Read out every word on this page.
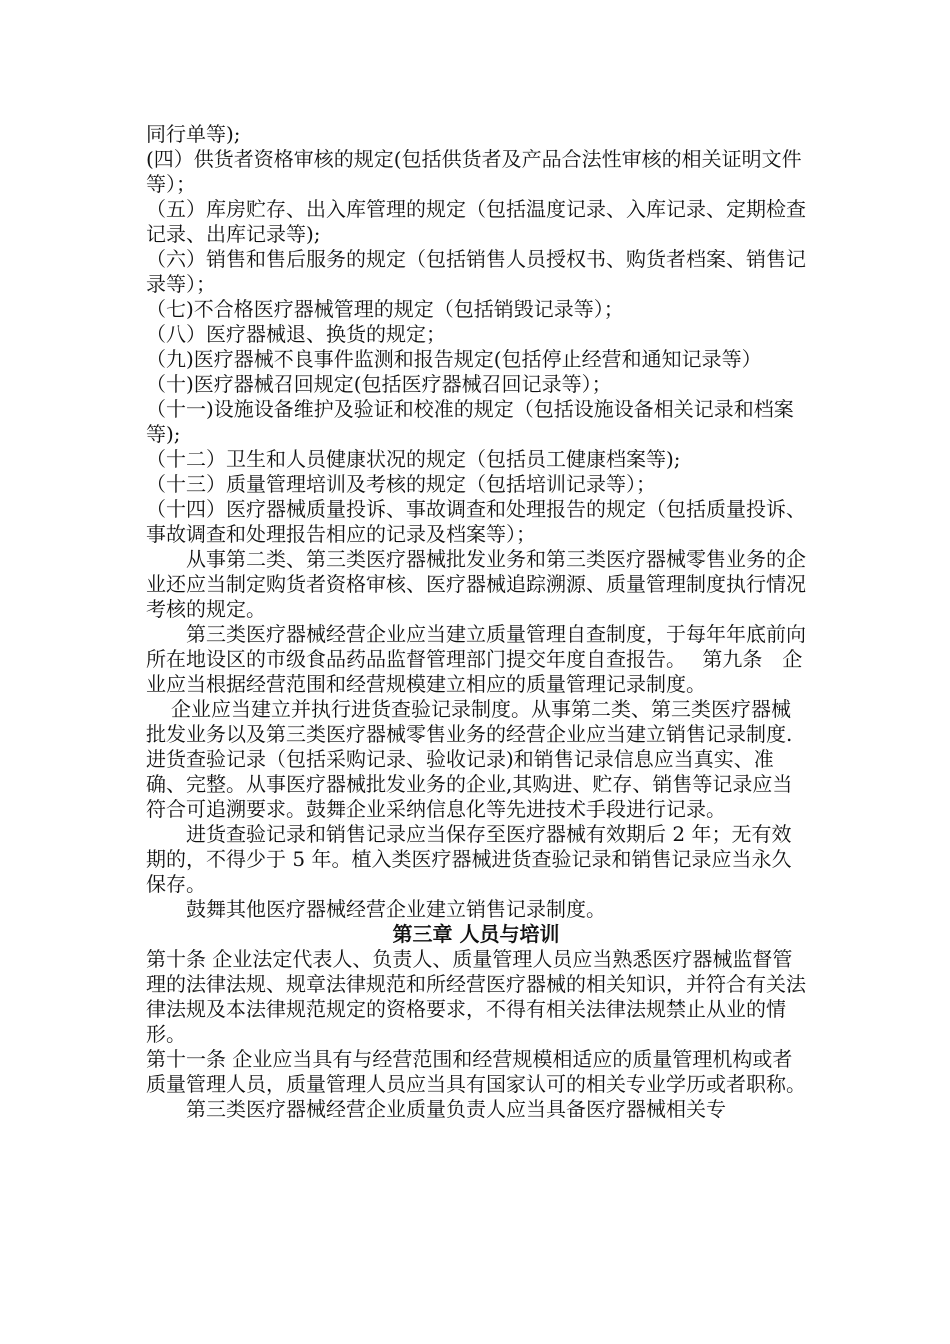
同行单等);

(四）供货者资格审核的规定(包括供货者及产品合法性审核的相关证明文件等）；

（五）库房贮存、出入库管理的规定（包括温度记录、入库记录、定期检查记录、出库记录等);

（六）销售和售后服务的规定（包括销售人员授权书、购货者档案、销售记录等）；

（七)不合格医疗器械管理的规定（包括销毁记录等）；

（八）医疗器械退、换货的规定；

（九)医疗器械不良事件监测和报告规定(包括停止经营和通知记录等）

（十)医疗器械召回规定(包括医疗器械召回记录等）；

（十一)设施设备维护及验证和校准的规定（包括设施设备相关记录和档案等);

（十二）卫生和人员健康状况的规定（包括员工健康档案等);

（十三）质量管理培训及考核的规定（包括培训记录等）；

（十四）医疗器械质量投诉、事故调查和处理报告的规定（包括质量投诉、事故调查和处理报告相应的记录及档案等）；

从事第二类、第三类医疗器械批发业务和第三类医疗器械零售业务的企业还应当制定购货者资格审核、医疗器械追踪溯源、质量管理制度执行情况考核的规定。

第三类医疗器械经营企业应当建立质量管理自查制度，于每年年底前向所在地设区的市级食品药品监督管理部门提交年度自查报告。　 第九条　企业应当根据经营范围和经营规模建立相应的质量管理记录制度。

企业应当建立并执行进货查验记录制度。从事第二类、第三类医疗器械批发业务以及第三类医疗器械零售业务的经营企业应当建立销售记录制度.进货查验记录（包括采购记录、验收记录)和销售记录信息应当真实、准确、完整。从事医疗器械批发业务的企业,其购进、贮存、销售等记录应当符合可追溯要求。鼓舞企业采纳信息化等先进技术手段进行记录。

进货查验记录和销售记录应当保存至医疗器械有效期后 2 年；无有效期的，不得少于 5 年。植入类医疗器械进货查验记录和销售记录应当永久保存。

鼓舞其他医疗器械经营企业建立销售记录制度。

第三章 人员与培训

第十条 企业法定代表人、负责人、质量管理人员应当熟悉医疗器械监督管理的法律法规、规章法律规范和所经营医疗器械的相关知识，并符合有关法律法规及本法律规范规定的资格要求，不得有相关法律法规禁止从业的情形。

第十一条 企业应当具有与经营范围和经营规模相适应的质量管理机构或者质量管理人员，质量管理人员应当具有国家认可的相关专业学历或者职称。

第三类医疗器械经营企业质量负责人应当具备医疗器械相关专
